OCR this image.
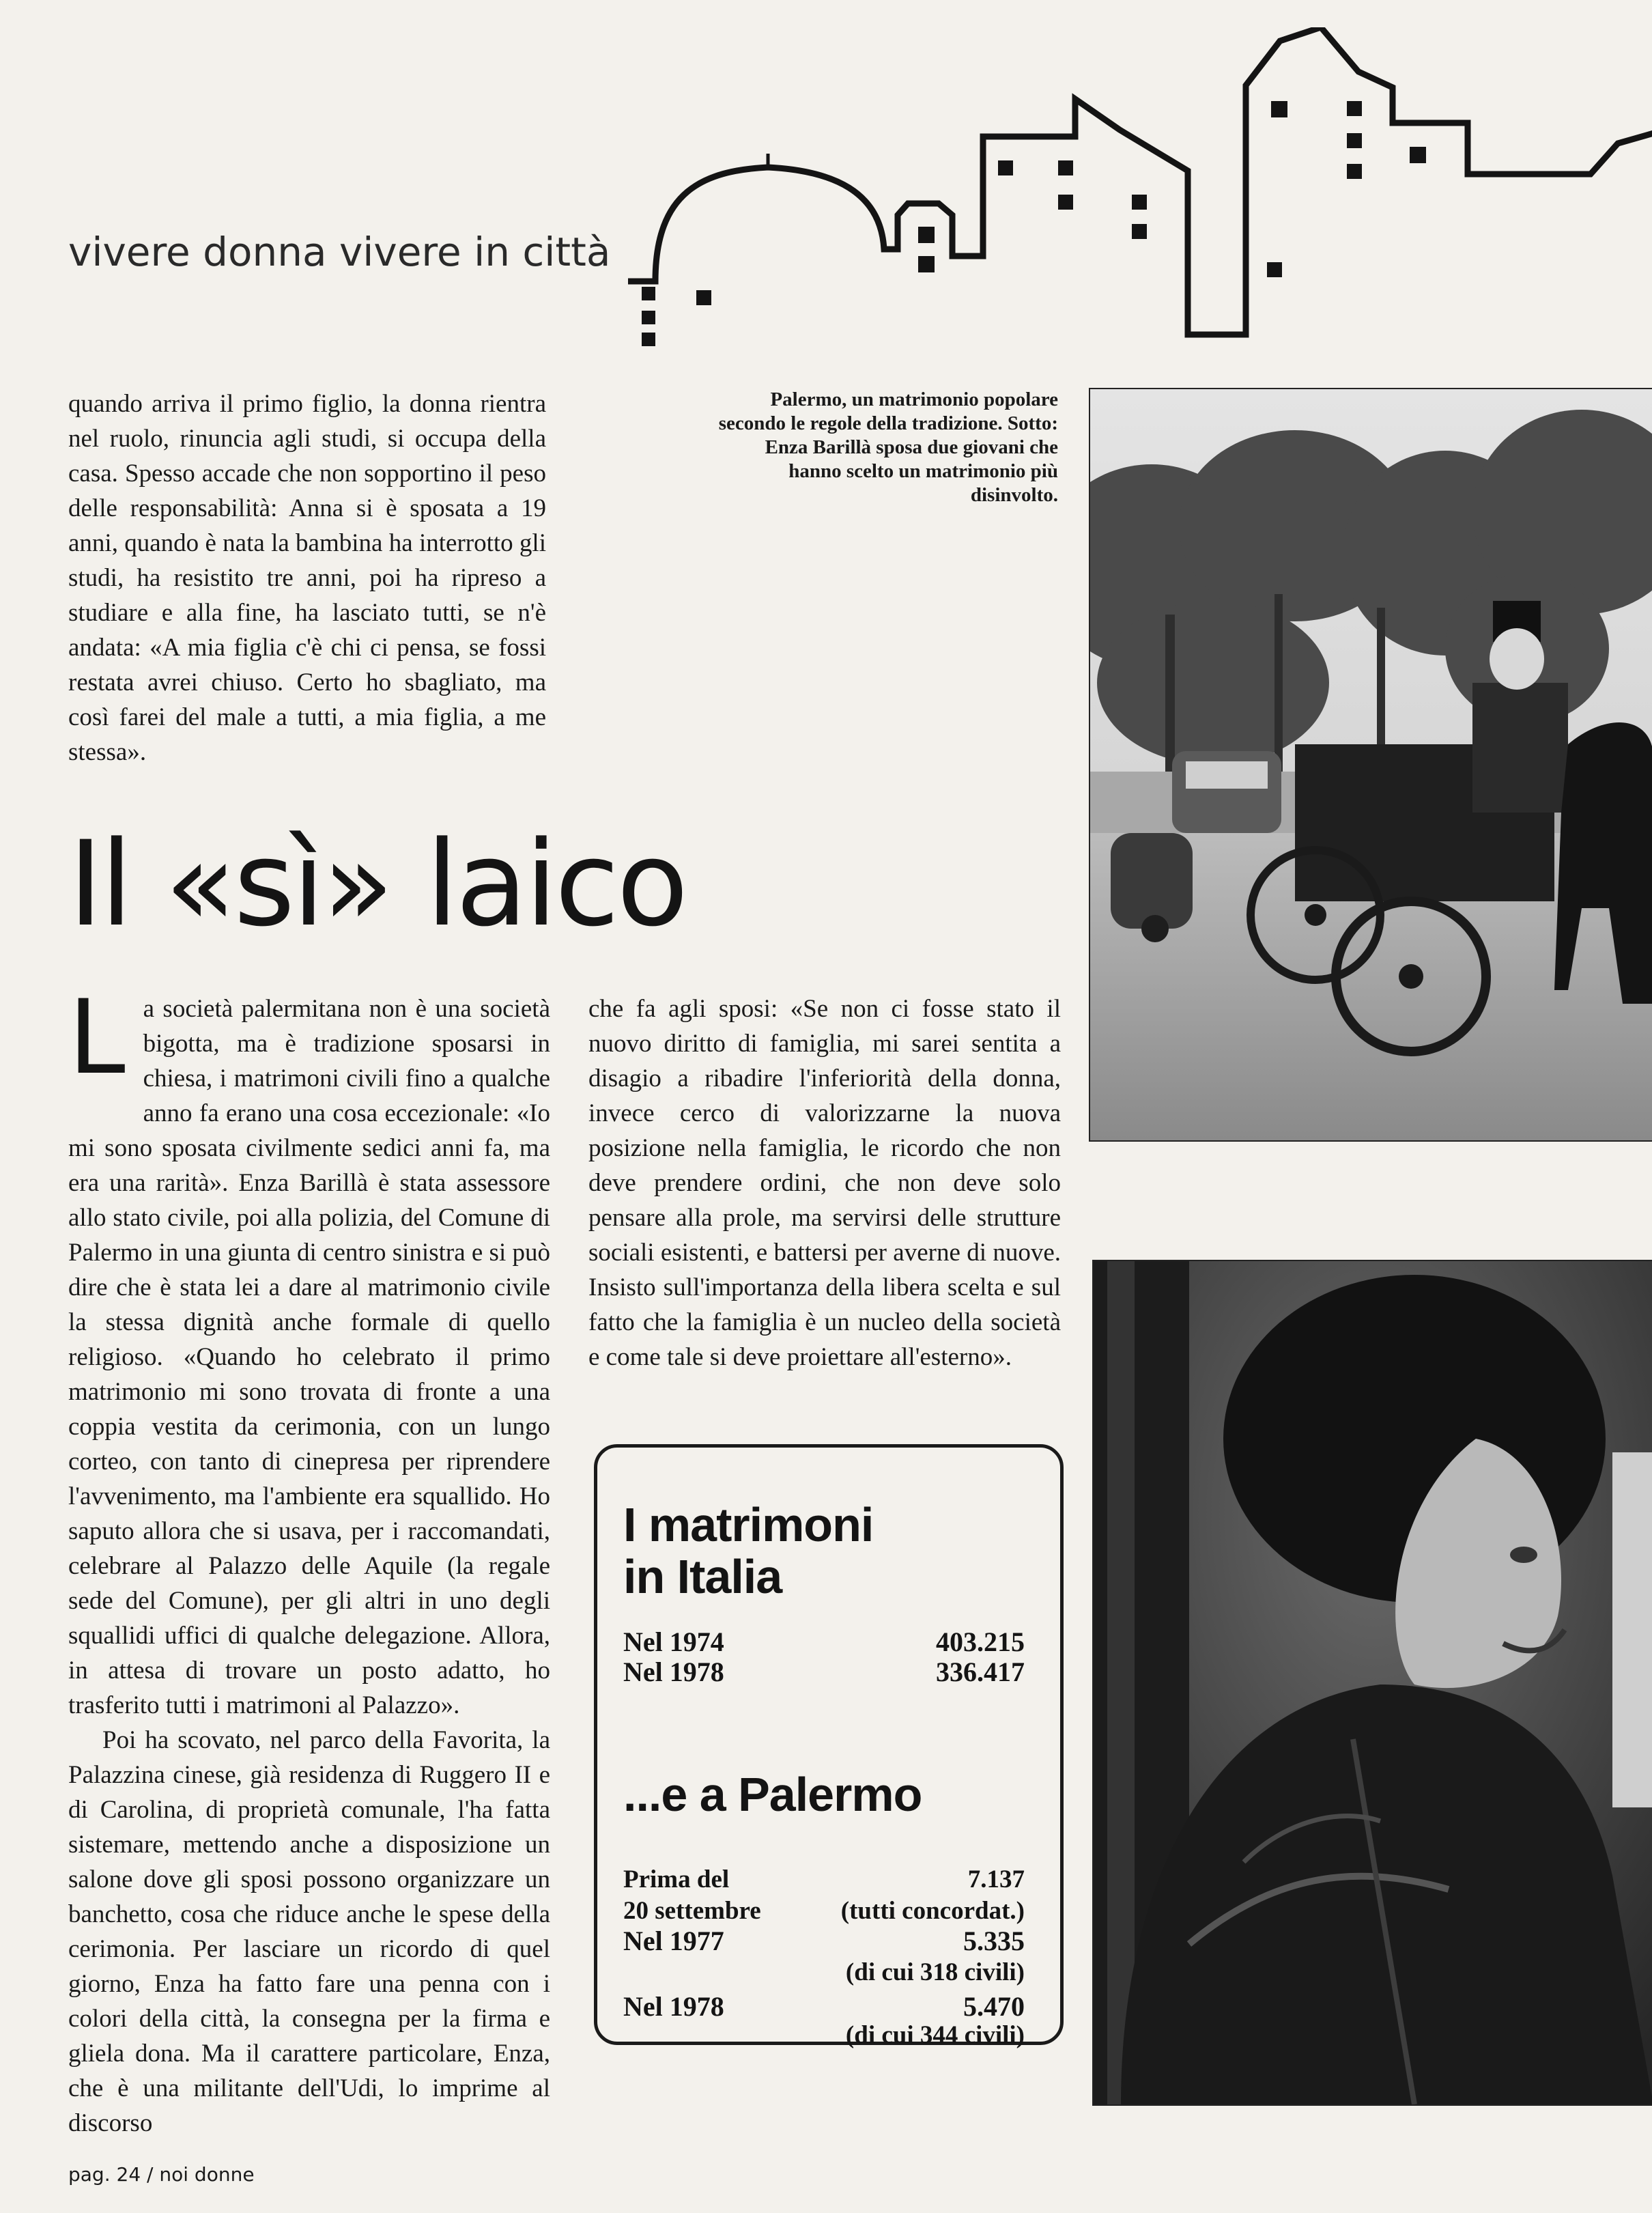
vivere donna vivere in città

quando arriva il primo figlio, la donna rientra nel ruolo, rinuncia agli studi, si occupa della casa. Spesso accade che non sopportino il peso delle responsabilità: Anna si è sposata a 19 anni, quando è nata la bambina ha interrotto gli studi, ha resistito tre anni, poi ha ripreso a studiare e alla fine, ha lasciato tutti, se n'è andata: «A mia figlia c'è chi ci pensa, se fossi restata avrei chiuso. Certo ho sbagliato, ma così farei del male a tutti, a mia figlia, a me stessa».

Il «sì» laico

La società palermitana non è una società bigotta, ma è tradizione sposarsi in chiesa, i matrimoni civili fino a qualche anno fa erano una cosa eccezionale: «Io mi sono sposata civilmente sedici anni fa, ma era una rarità». Enza Barillà è stata assessore allo stato civile, poi alla polizia, del Comune di Palermo in una giunta di centro sinistra e si può dire che è stata lei a dare al matrimonio civile la stessa dignità anche formale di quello religioso. «Quando ho celebrato il primo matrimonio mi sono trovata di fronte a una coppia vestita da cerimonia, con un lungo corteo, con tanto di cinepresa per riprendere l'avvenimento, ma l'ambiente era squallido. Ho saputo allora che si usava, per i raccomandati, celebrare al Palazzo delle Aquile (la regale sede del Comune), per gli altri in uno degli squallidi uffici di qualche delegazione. Allora, in attesa di trovare un posto adatto, ho trasferito tutti i matrimoni al Palazzo».

Poi ha scovato, nel parco della Favorita, la Palazzina cinese, già residenza di Ruggero II e di Carolina, di proprietà comunale, l'ha fatta sistemare, mettendo anche a disposizione un salone dove gli sposi possono organizzare un banchetto, cosa che riduce anche le spese della cerimonia. Per lasciare un ricordo di quel giorno, Enza ha fatto fare una penna con i colori della città, la consegna per la firma e gliela dona. Ma il carattere particolare, Enza, che è una militante dell'Udi, lo imprime al discorso

che fa agli sposi: «Se non ci fosse stato il nuovo diritto di famiglia, mi sarei sentita a disagio a ribadire l'inferiorità della donna, invece cerco di valorizzarne la nuova posizione nella famiglia, le ricordo che non deve prendere ordini, che non deve solo pensare alla prole, ma servirsi delle strutture sociali esistenti, e battersi per averne di nuove. Insisto sull'importanza della libera scelta e sul fatto che la famiglia è un nucleo della società e come tale si deve proiettare all'esterno».

Palermo, un matrimonio popolare secondo le regole della tradizione. Sotto: Enza Barillà sposa due giovani che hanno scelto un matrimonio più disinvolto.
I matrimoni
in Italia
Nel 1974	403.215
Nel 1978	336.417
...e a Palermo
Prima del	7.137
20 settembre	(tutti concordat.)
Nel 1977	5.335
(di cui 318 civili)
Nel 1978	5.470
(di cui 344 civili)
pag. 24 / noi donne
